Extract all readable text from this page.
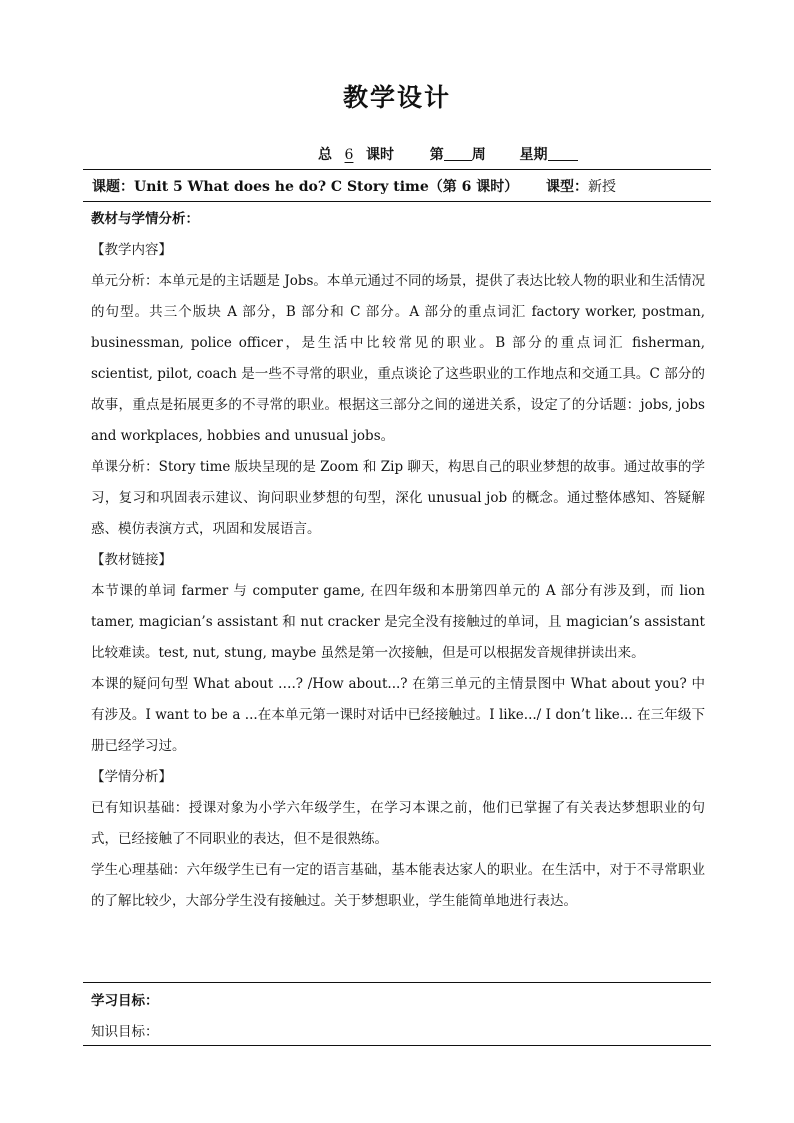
教学设计
总 6 课时	第 周 星期
课题：Unit 5 What does he do? C Story time（第 6 课时） 课型：新授

教材与学情分析：

【教学内容】

单元分析：本单元是的主话题是 Jobs。本单元通过不同的场景，提供了表达比较人物的职业和生活情况的句型。共三个版块 A 部分，B 部分和 C 部分。A 部分的重点词汇 factory worker, postman, businessman, police officer，是生活中比较常见的职业。B 部分的重点词汇 fisherman, scientist, pilot, coach 是一些不寻常的职业，重点谈论了这些职业的工作地点和交通工具。C 部分的故事，重点是拓展更多的不寻常的职业。根据这三部分之间的递进关系，设定了的分话题：jobs, jobs and workplaces, hobbies and unusual jobs。

单课分析：Story time 版块呈现的是 Zoom 和 Zip 聊天，构思自己的职业梦想的故事。通过故事的学习，复习和巩固表示建议、询问职业梦想的句型，深化 unusual job 的概念。通过整体感知、答疑解惑、模仿表演方式，巩固和发展语言。

【教材链接】

本节课的单词 farmer 与 computer game, 在四年级和本册第四单元的 A 部分有涉及到，而 lion tamer, magician’s assistant 和 nut cracker 是完全没有接触过的单词，且 magician’s assistant 比较难读。test, nut, stung, maybe 虽然是第一次接触，但是可以根据发音规律拼读出来。

本课的疑问句型 What about ….? /How about...? 在第三单元的主情景图中 What about you? 中有涉及。I want to be a ...在本单元第一课时对话中已经接触过。I like.../ I don’t like... 在三年级下册已经学习过。

【学情分析】

已有知识基础：授课对象为小学六年级学生，在学习本课之前，他们已掌握了有关表达梦想职业的句式，已经接触了不同职业的表达，但不是很熟练。

学生心理基础：六年级学生已有一定的语言基础，基本能表达家人的职业。在生活中，对于不寻常职业的了解比较少，大部分学生没有接触过。关于梦想职业，学生能简单地进行表达。

学习目标：

知识目标：
